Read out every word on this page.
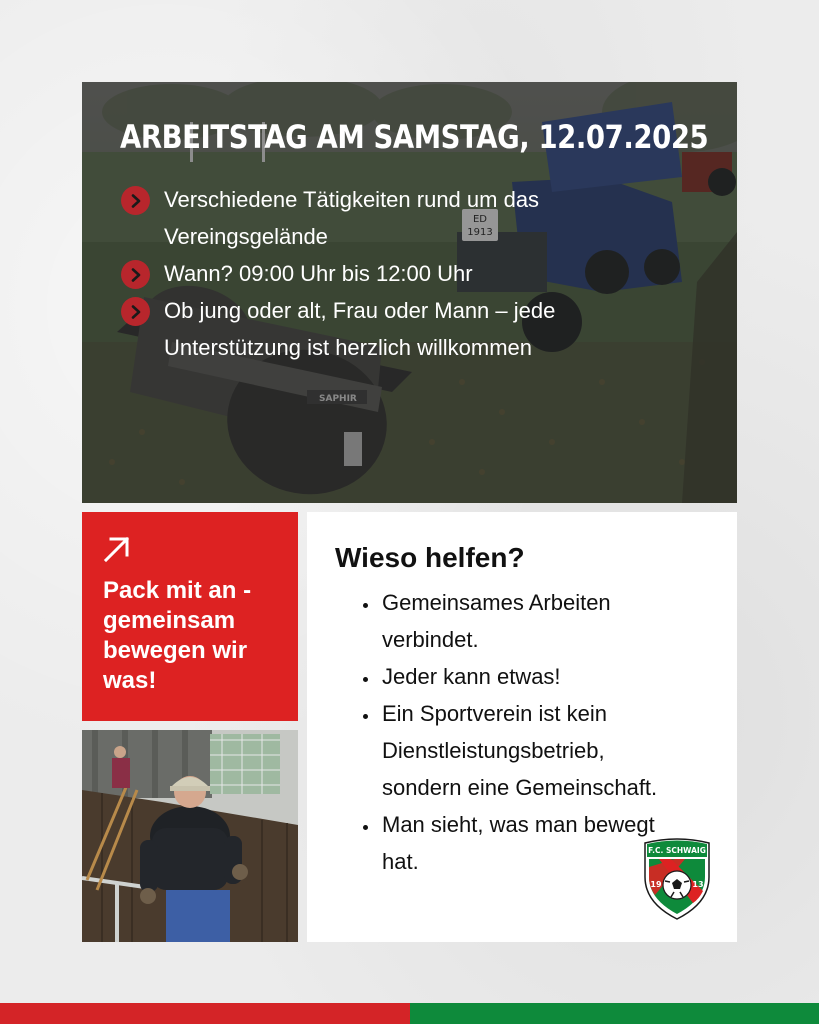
ED
1913
SAPHIR
ARBEITSTAG AM SAMSTAG, 12.07.2025
Verschiedene Tätigkeiten rund um das Vereingsgelände
Wann? 09:00 Uhr bis 12:00 Uhr
Ob jung oder alt, Frau oder Mann – jede Unterstützung ist herzlich willkommen

Pack mit an - gemeinsam bewegen wir was!

Wieso helfen?
• Gemeinsames Arbeiten verbindet.
• Jeder kann etwas!
• Ein Sportverein ist kein Dienstleistungsbetrieb, sondern eine Gemeinschaft.
• Man sieht, was man bewegt hat.	F.C. SCHWAIG
19	13
